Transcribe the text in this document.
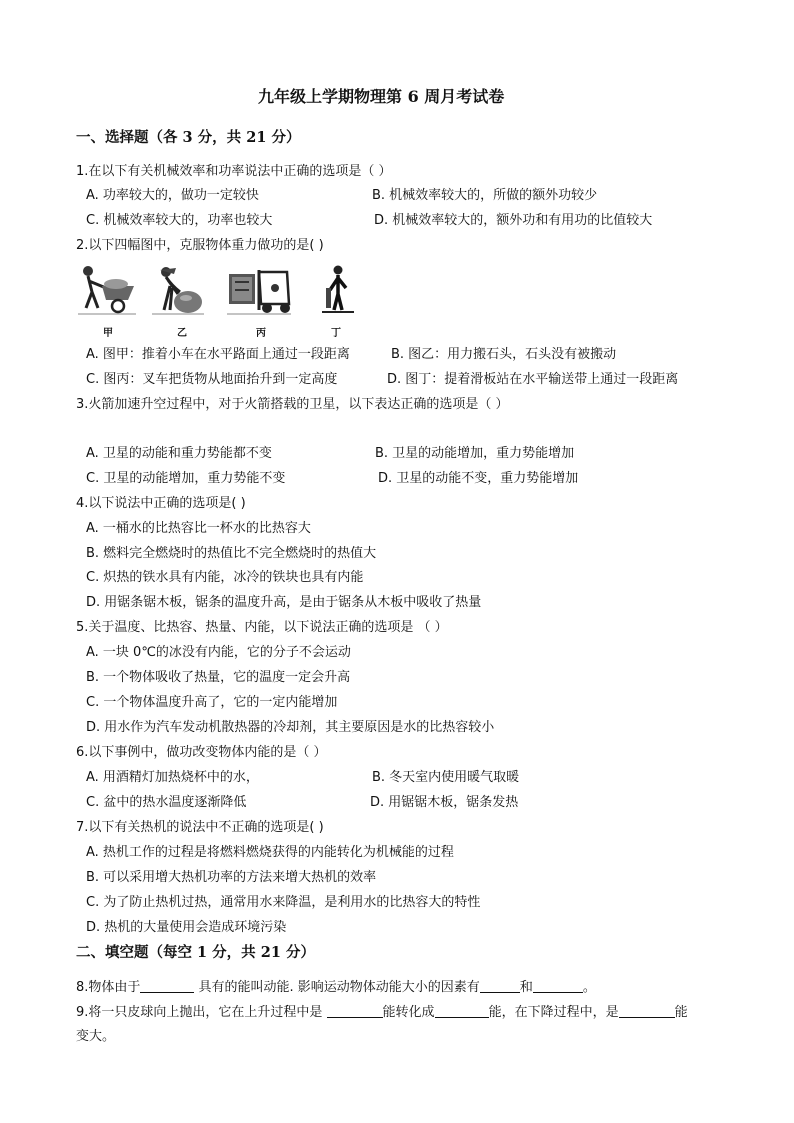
九年级上学期物理第 6 周月考试卷
一、选择题（各 3 分，共 21 分）
1.在以下有关机械效率和功率说法中正确的选项是（ ）
A. 功率较大的，做功一定较快	B. 机械效率较大的，所做的额外功较少
C. 机械效率较大的，功率也较大	D. 机械效率较大的，额外功和有用功的比值较大
2.以下四幅图中，克服物体重力做功的是( )
甲	乙	丙	丁
A. 图甲：推着小车在水平路面上通过一段距离	B. 图乙：用力搬石头，石头没有被搬动
C. 图丙：叉车把货物从地面抬升到一定高度	D. 图丁：提着滑板站在水平输送带上通过一段距离
3.火箭加速升空过程中，对于火箭搭载的卫星，以下表达正确的选项是（ ）
A. 卫星的动能和重力势能都不变	B. 卫星的动能增加，重力势能增加
C. 卫星的动能增加，重力势能不变	D. 卫星的动能不变，重力势能增加
4.以下说法中正确的选项是( )
A. 一桶水的比热容比一杯水的比热容大
B. 燃料完全燃烧时的热值比不完全燃烧时的热值大
C. 炽热的铁水具有内能，冰冷的铁块也具有内能
D. 用锯条锯木板，锯条的温度升高，是由于锯条从木板中吸收了热量
5.关于温度、比热容、热量、内能，以下说法正确的选项是 （ ）
A. 一块 0℃的冰没有内能，它的分子不会运动
B. 一个物体吸收了热量，它的温度一定会升高
C. 一个物体温度升高了，它的一定内能增加
D. 用水作为汽车发动机散热器的冷却剂，其主要原因是水的比热容较小
6.以下事例中，做功改变物体内能的是（ ）
A. 用酒精灯加热烧杯中的水，	B. 冬天室内使用暖气取暖
C. 盆中的热水温度逐渐降低	D. 用锯锯木板，锯条发热
7.以下有关热机的说法中不正确的选项是( )
A. 热机工作的过程是将燃料燃烧获得的内能转化为机械能的过程
B. 可以采用增大热机功率的方法来增大热机的效率
C. 为了防止热机过热，通常用水来降温，是利用水的比热容大的特性
D. 热机的大量使用会造成环境污染
二、填空题（每空 1 分，共 21 分）
8.物体由于	具有的能叫动能. 影响运动物体动能大小的因素有	和	。
9.将一只皮球向上抛出，它在上升过程中是	能转化成	能，在下降过程中，是	能
变大。
